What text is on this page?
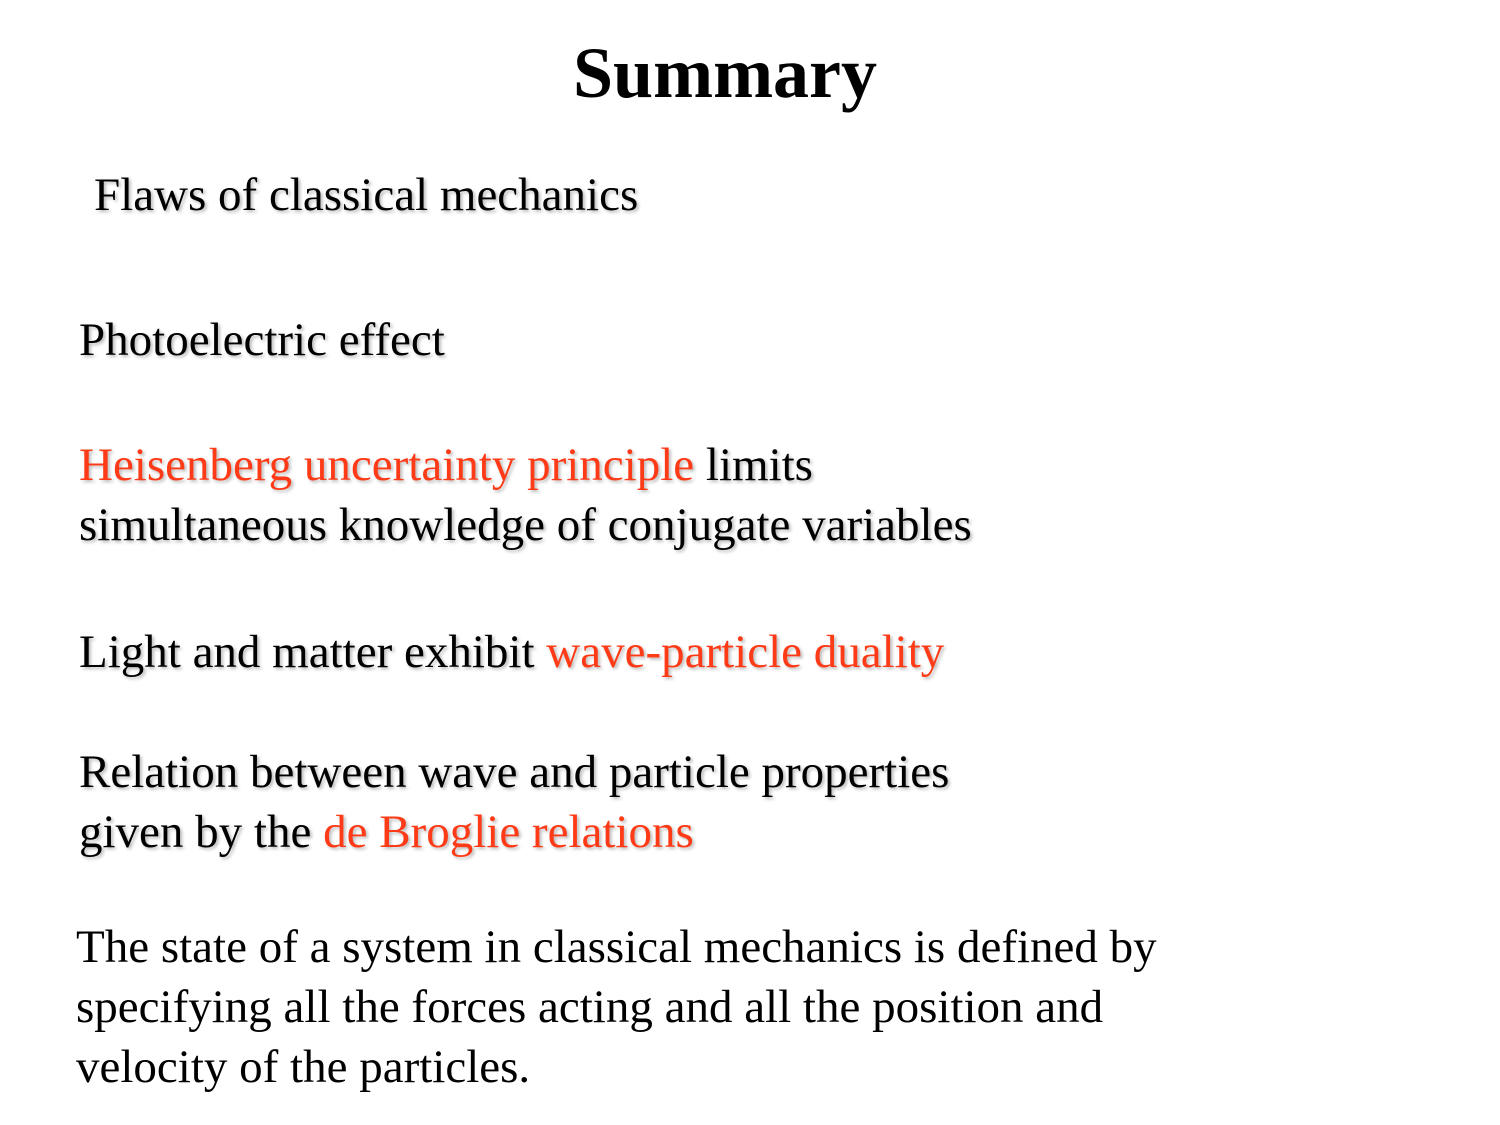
Summary
Flaws of classical mechanics
Photoelectric effect
Heisenberg uncertainty principle limits
simultaneous knowledge of conjugate variables
Light and matter exhibit wave-particle duality
Relation between wave and particle properties
given by the de Broglie relations
The state of a system in classical mechanics is defined by
specifying all the forces acting and all the position and
velocity of the particles.
